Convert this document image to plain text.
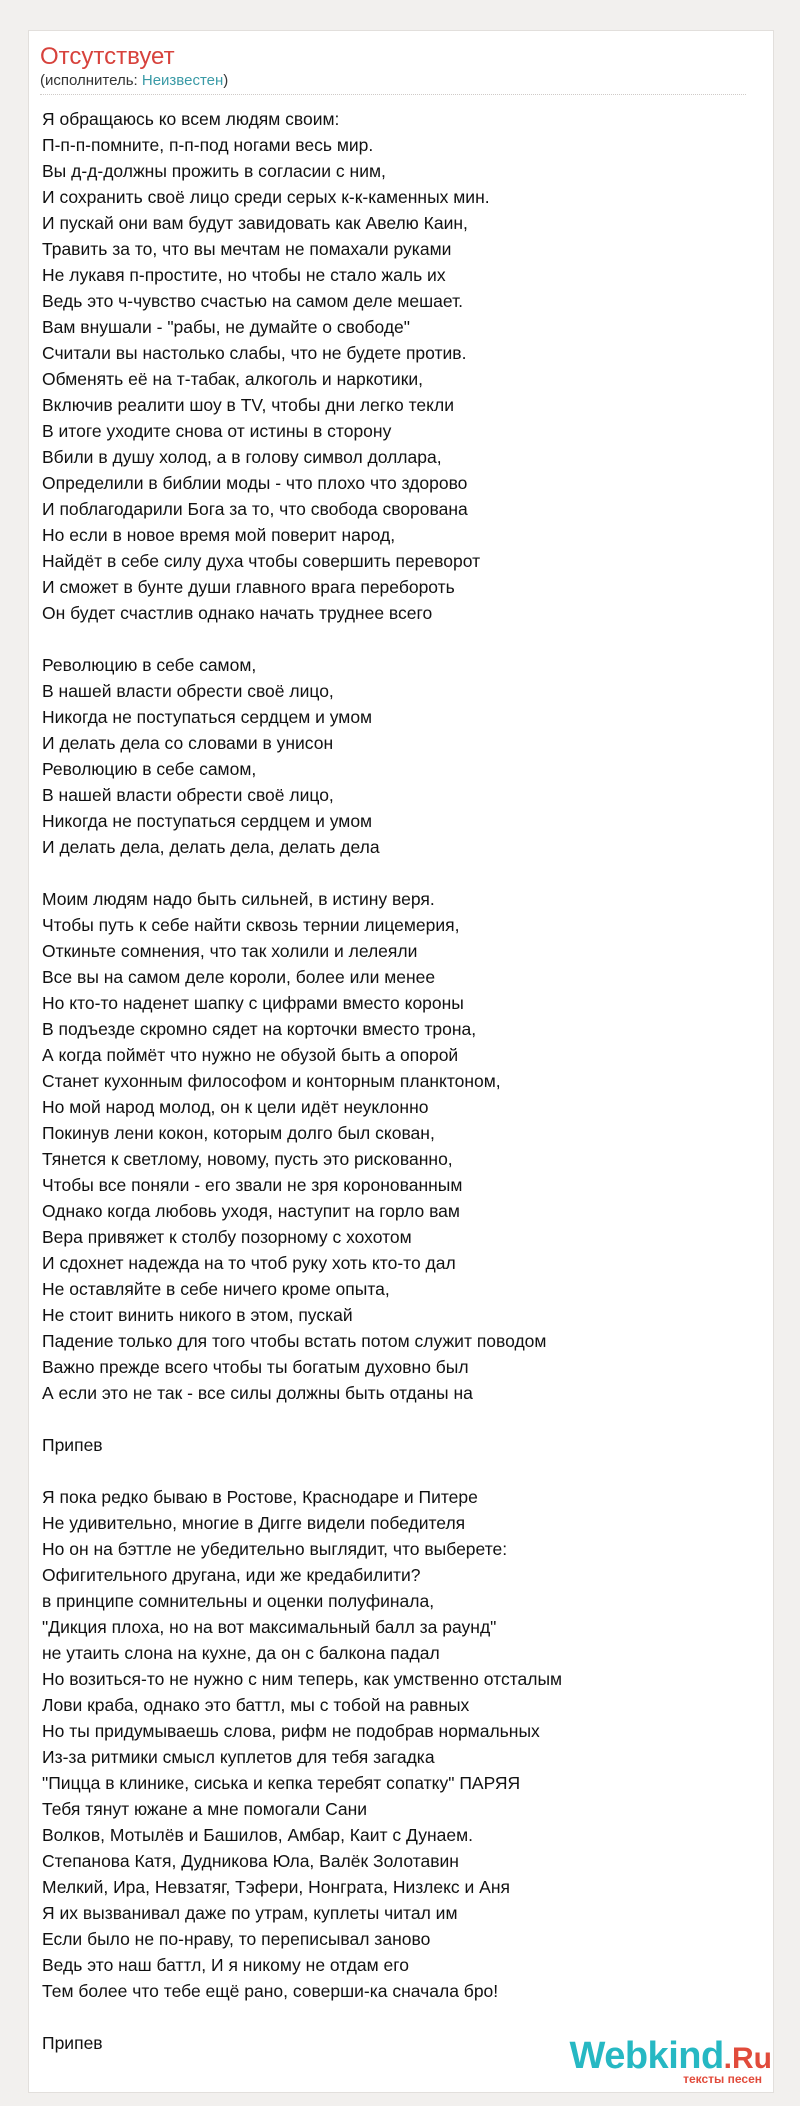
Отсутствует
(исполнитель: Неизвестен)
Я обращаюсь ко всем людям своим:
П-п-п-помните, п-п-под ногами весь мир.
Вы д-д-должны прожить в согласии с ним,
И сохранить своё лицо среди серых к-к-каменных мин.
И пускай они вам будут завидовать как Авелю Каин,
Травить за то, что вы мечтам не помахали руками
Не лукавя п-простите, но чтобы не стало жаль их
Ведь это ч-чувство счастью на самом деле мешает.
Вам внушали - "рабы, не думайте о свободе"
Считали вы настолько слабы, что не будете против.
Обменять её на т-табак, алкоголь и наркотики,
Включив реалити шоу в TV, чтобы дни легко текли
В итоге уходите снова от истины в сторону
Вбили в душу холод, а в голову символ доллара,
Определили в библии моды - что плохо что здорово
И поблагодарили Бога за то, что свобода сворована
Но если в новое время мой поверит народ,
Найдёт в себе силу духа чтобы совершить переворот
И сможет в бунте души главного врага перебороть
Он будет счастлив однако начать труднее всего
Революцию в себе самом,
В нашей власти обрести своё лицо,
Никогда не поступаться сердцем и умом
И делать дела со словами в унисон
Революцию в себе самом,
В нашей власти обрести своё лицо,
Никогда не поступаться сердцем и умом
И делать дела, делать дела, делать дела
Моим людям надо быть сильней, в истину веря.
Чтобы путь к себе найти сквозь тернии лицемерия,
Откиньте сомнения, что так холили и лелеяли
Все вы на самом деле короли, более или менее
Но кто-то наденет шапку с цифрами вместо короны
В подъезде скромно сядет на корточки вместо трона,
А когда поймёт что нужно не обузой быть а опорой
Станет кухонным философом и конторным планктоном,
Но мой народ молод, он к цели идёт неуклонно
Покинув лени кокон, которым долго был скован,
Тянется к светлому, новому, пусть это рискованно,
Чтобы все поняли - его звали не зря коронованным
Однако когда любовь уходя, наступит на горло вам
Вера привяжет к столбу позорному с хохотом
И сдохнет надежда на то чтоб руку хоть кто-то дал
Не оставляйте в себе ничего кроме опыта,
Не стоит винить никого в этом, пускай
Падение только для того чтобы встать потом служит поводом
Важно прежде всего чтобы ты богатым духовно был
А если это не так - все силы должны быть отданы на
Припев
Я пока редко бываю в Ростове, Краснодаре и Питере
Не удивительно, многие в Дигге видели победителя
Но он на бэттле не убедительно выглядит, что выберете:
Офигительного другана, иди же кредабилити?
в принципе сомнительны и оценки полуфинала,
"Дикция плоха, но на вот максимальный балл за раунд"
не утаить слона на кухне, да он с балкона падал
Но возиться-то не нужно с ним теперь, как умственно отсталым
Лови краба, однако это баттл, мы с тобой на равных
Но ты придумываешь слова, рифм не подобрав нормальных
Из-за ритмики смысл куплетов для тебя загадка
"Пицца в клинике, сиська и кепка теребят сопатку" ПАРЯЯ
Тебя тянут южане а мне помогали Сани
Волков, Мотылёв и Башилов, Амбар, Каит с Дунаем.
Степанова Катя, Дудникова Юла, Валёк Золотавин
Мелкий, Ира, Невзатяг, Тэфери, Нонграта, Низлекс и Аня
Я их вызванивал даже по утрам, куплеты читал им
Если было не по-нраву, то переписывал заново
Ведь это наш баттл, И я никому не отдам его
Тем более что тебе ещё рано, соверши-ка сначала бро!
Припев	Webkind.Ru
тексты песен
